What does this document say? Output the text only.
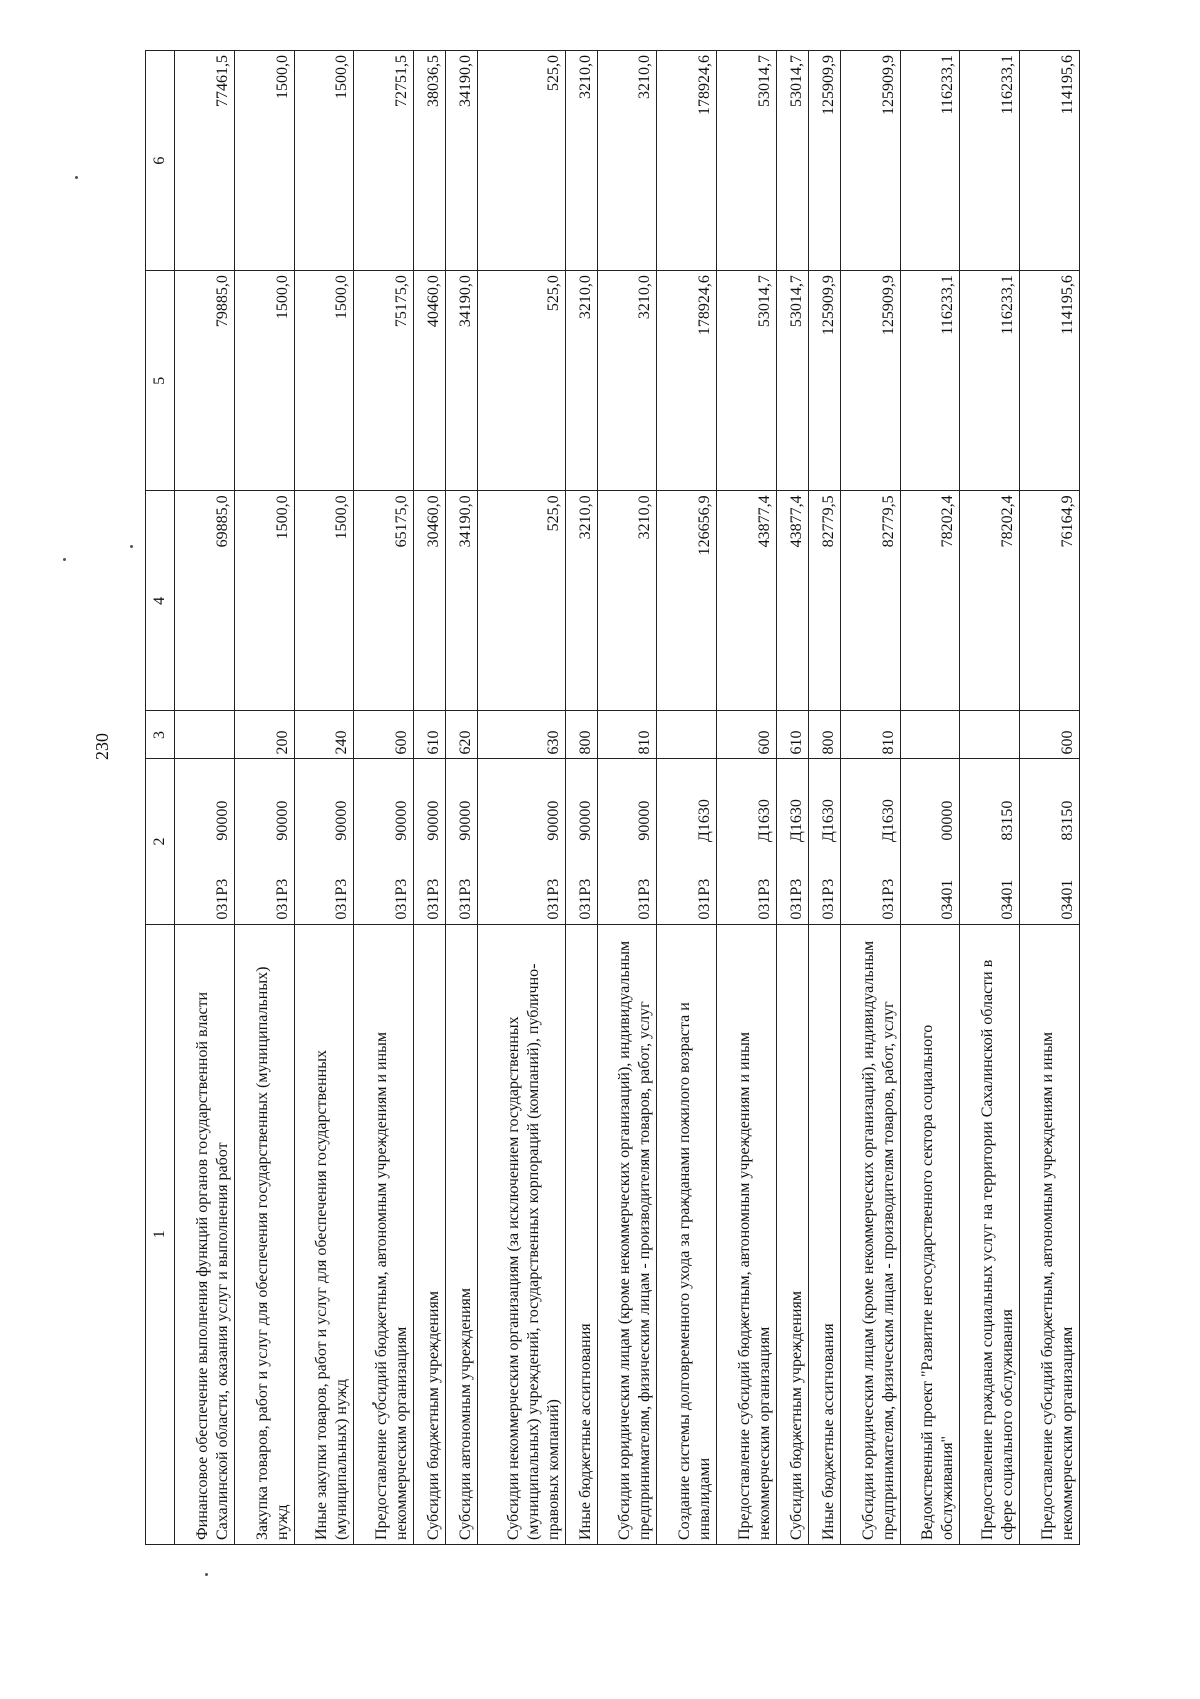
230
1	2	3	4	5	6
Финансовое обеспечение выполнения функций органов государственной власти Сахалинской области, оказания услуг и выполнения работ	031Р390000		69885,0	79885,0	77461,5
Закупка товаров, работ и услуг для обеспечения государственных (муниципальных) нужд	031Р390000	200	1500,0	1500,0	1500,0
Иные закупки товаров, работ и услуг для обеспечения государственных (муниципальных) нужд	031Р390000	240	1500,0	1500,0	1500,0
Предоставление субсидий бюджетным, автономным учреждениям и иным некоммерческим организациям	031Р390000	600	65175,0	75175,0	72751,5
Субсидии бюджетным учреждениям	031Р390000	610	30460,0	40460,0	38036,5
Субсидии автономным учреждениям	031Р390000	620	34190,0	34190,0	34190,0
Субсидии некоммерческим организациям (за исключением государственных (муниципальных) учреждений, государственных корпораций (компаний), публично-правовых компаний)	031Р390000	630	525,0	525,0	525,0
Иные бюджетные ассигнования	031Р390000	800	3210,0	3210,0	3210,0
Субсидии юридическим лицам (кроме некоммерческих организаций), индивидуальным предпринимателям, физическим лицам - производителям товаров, работ, услуг	031Р390000	810	3210,0	3210,0	3210,0
Создание системы долговременного ухода за гражданами пожилого возраста и инвалидами	031Р3Д1630		126656,9	178924,6	178924,6
Предоставление субсидий бюджетным, автономным учреждениям и иным некоммерческим организациям	031Р3Д1630	600	43877,4	53014,7	53014,7
Субсидии бюджетным учреждениям	031Р3Д1630	610	43877,4	53014,7	53014,7
Иные бюджетные ассигнования	031Р3Д1630	800	82779,5	125909,9	125909,9
Субсидии юридическим лицам (кроме некоммерческих организаций), индивидуальным предпринимателям, физическим лицам - производителям товаров, работ, услуг	031Р3Д1630	810	82779,5	125909,9	125909,9
Ведомственный проект "Развитие негосударственного сектора социального обслуживания"	0340100000		78202,4	116233,1	116233,1
Предоставление гражданам социальных услуг на территории Сахалинской области в сфере социального обслуживания	0340183150		78202,4	116233,1	116233,1
Предоставление субсидий бюджетным, автономным учреждениям и иным некоммерческим организациям	0340183150	600	76164,9	114195,6	114195,6
